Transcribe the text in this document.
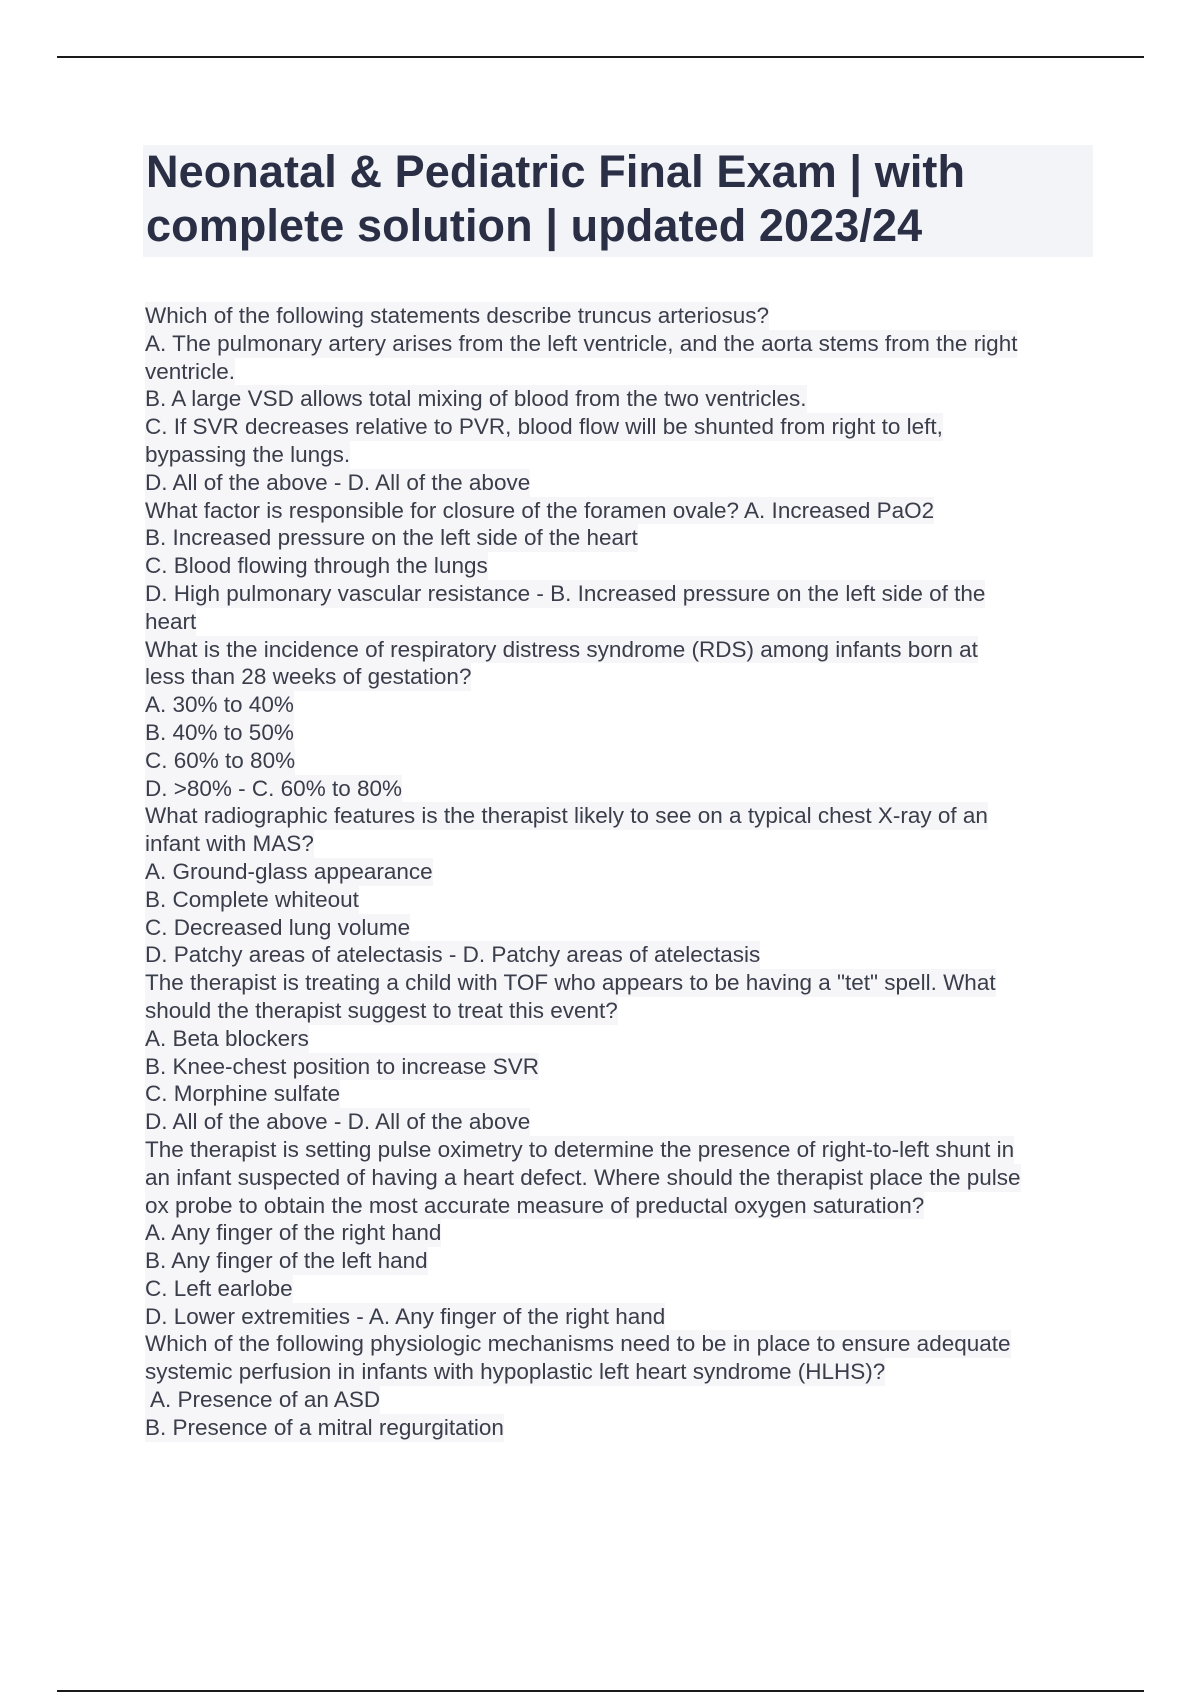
Neonatal & Pediatric Final Exam | with
complete solution | updated 2023/24
Which of the following statements describe truncus arteriosus?
A. The pulmonary artery arises from the left ventricle, and the aorta stems from the right
ventricle.
B. A large VSD allows total mixing of blood from the two ventricles.
C. If SVR decreases relative to PVR, blood flow will be shunted from right to left,
bypassing the lungs.
D. All of the above - D. All of the above
What factor is responsible for closure of the foramen ovale? A. Increased PaO2
B. Increased pressure on the left side of the heart
C. Blood flowing through the lungs
D. High pulmonary vascular resistance - B. Increased pressure on the left side of the
heart
What is the incidence of respiratory distress syndrome (RDS) among infants born at
less than 28 weeks of gestation?
A. 30% to 40%
B. 40% to 50%
C. 60% to 80%
D. >80% - C. 60% to 80%
What radiographic features is the therapist likely to see on a typical chest X-ray of an
infant with MAS?
A. Ground-glass appearance
B. Complete whiteout
C. Decreased lung volume
D. Patchy areas of atelectasis - D. Patchy areas of atelectasis
The therapist is treating a child with TOF who appears to be having a "tet" spell. What
should the therapist suggest to treat this event?
A. Beta blockers
B. Knee-chest position to increase SVR
C. Morphine sulfate
D. All of the above - D. All of the above
The therapist is setting pulse oximetry to determine the presence of right-to-left shunt in
an infant suspected of having a heart defect. Where should the therapist place the pulse
ox probe to obtain the most accurate measure of preductal oxygen saturation?
A. Any finger of the right hand
B. Any finger of the left hand
C. Left earlobe
D. Lower extremities - A. Any finger of the right hand
Which of the following physiologic mechanisms need to be in place to ensure adequate
systemic perfusion in infants with hypoplastic left heart syndrome (HLHS)?
A. Presence of an ASD
B. Presence of a mitral regurgitation
